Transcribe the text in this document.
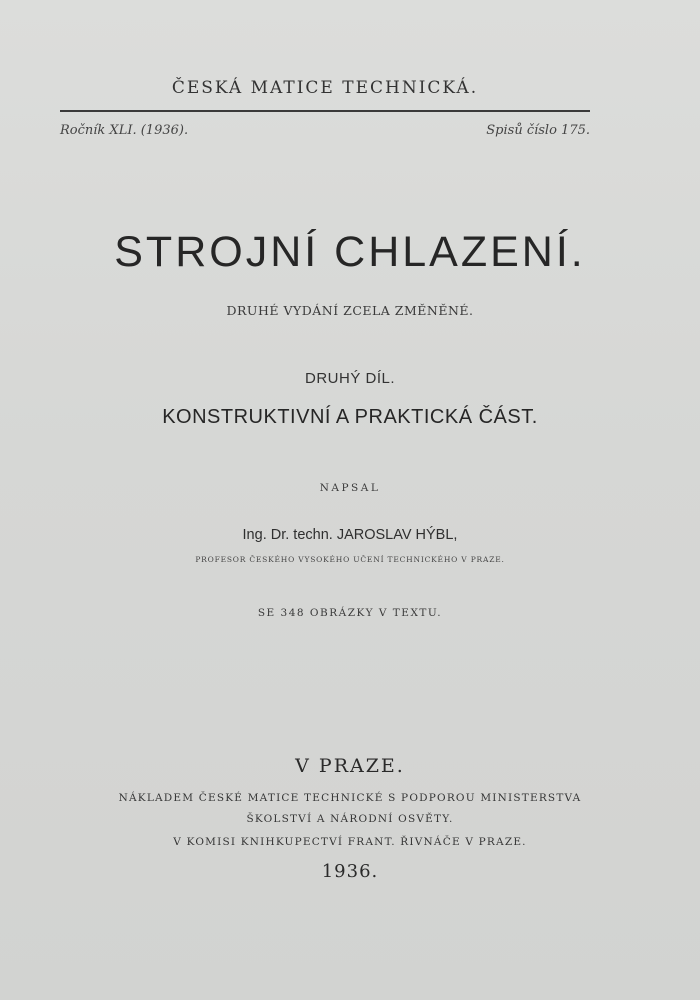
ČESKÁ MATICE TECHNICKÁ.
Ročník XLI. (1936).	Spisů číslo 175.
STROJNÍ CHLAZENÍ.
DRUHÉ VYDÁNÍ ZCELA ZMĚNĚNÉ.
DRUHÝ DÍL.
KONSTRUKTIVNÍ A PRAKTICKÁ ČÁST.
NAPSAL
Ing. Dr. techn. JAROSLAV HÝBL,
PROFESOR ČESKÉHO VYSOKÉHO UČENÍ TECHNICKÉHO V PRAZE.
SE 348 OBRÁZKY V TEXTU.
V PRAZE.
NÁKLADEM ČESKÉ MATICE TECHNICKÉ S PODPOROU MINISTERSTVA
ŠKOLSTVÍ A NÁRODNÍ OSVĚTY.
V KOMISI KNIHKUPECTVÍ FRANT. ŘIVNÁČE V PRAZE.
1936.
